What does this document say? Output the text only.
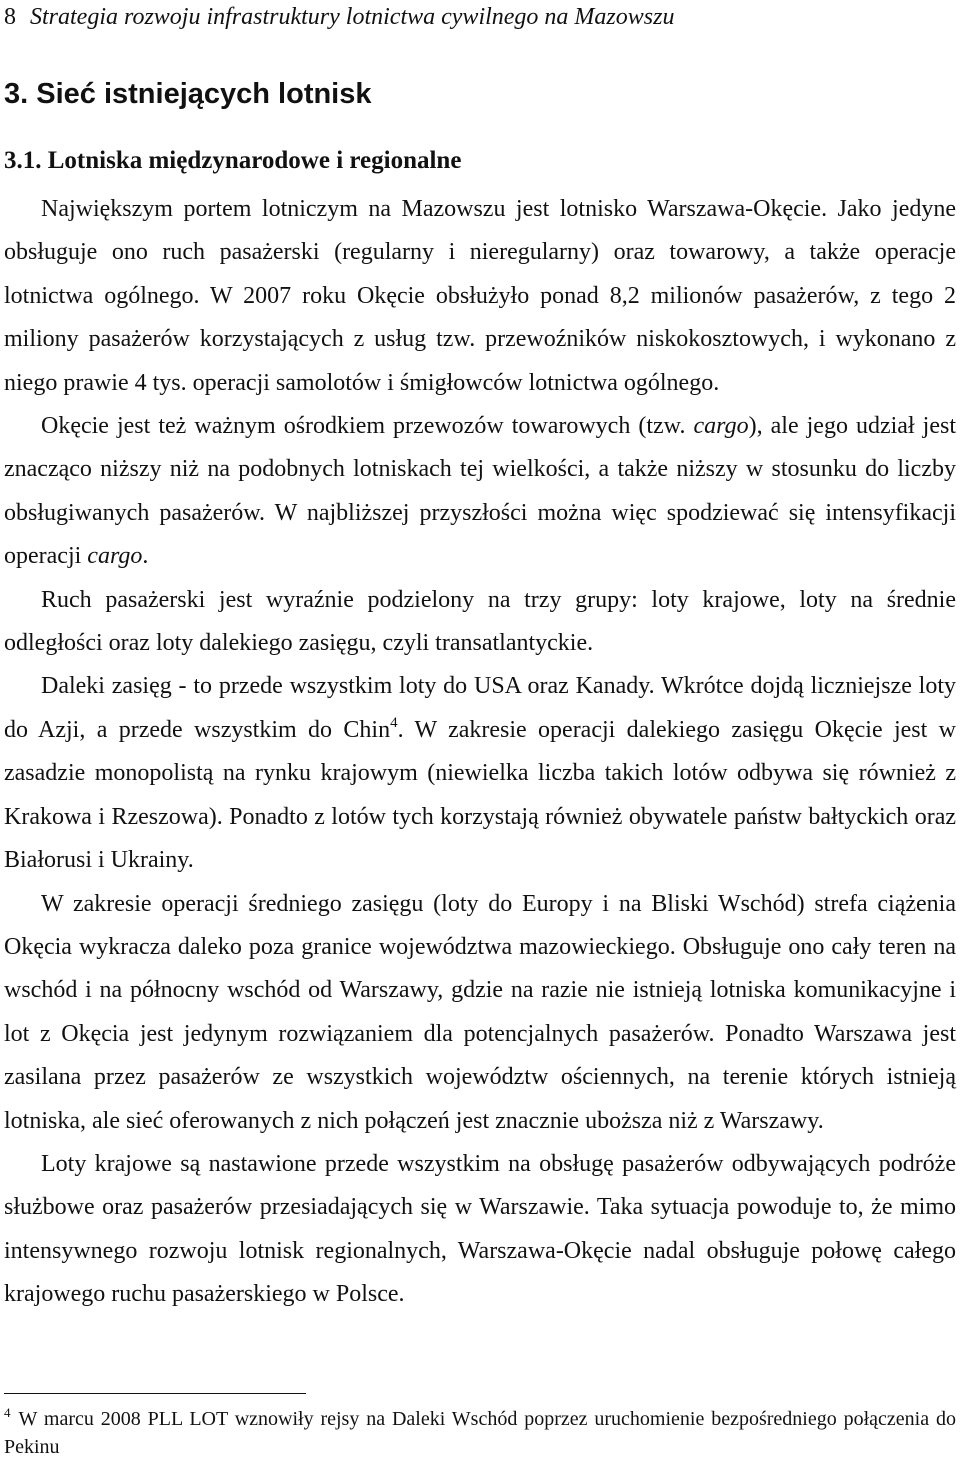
8 Strategia rozwoju infrastruktury lotnictwa cywilnego na Mazowszu
3. Sieć istniejących lotnisk
3.1. Lotniska międzynarodowe i regionalne

Największym portem lotniczym na Mazowszu jest lotnisko Warszawa-Okęcie. Jako jedyne obsługuje ono ruch pasażerski (regularny i nieregularny) oraz towarowy, a także operacje lotnictwa ogólnego. W 2007 roku Okęcie obsłużyło ponad 8,2 milionów pasażerów, z tego 2 miliony pasażerów korzystających z usług tzw. przewoźników niskokosztowych, i wykonano z niego prawie 4 tys. operacji samolotów i śmigłowców lotnictwa ogólnego.

Okęcie jest też ważnym ośrodkiem przewozów towarowych (tzw. cargo), ale jego udział jest znacząco niższy niż na podobnych lotniskach tej wielkości, a także niższy w stosunku do liczby obsługiwanych pasażerów. W najbliższej przyszłości można więc spodziewać się intensyfikacji operacji cargo.

Ruch pasażerski jest wyraźnie podzielony na trzy grupy: loty krajowe, loty na średnie odległości oraz loty dalekiego zasięgu, czyli transatlantyckie.

Daleki zasięg - to przede wszystkim loty do USA oraz Kanady. Wkrótce dojdą liczniejsze loty do Azji, a przede wszystkim do Chin$^4$. W zakresie operacji dalekiego zasięgu Okęcie jest w zasadzie monopolistą na rynku krajowym (niewielka liczba takich lotów odbywa się również z Krakowa i Rzeszowa). Ponadto z lotów tych korzystają również obywatele państw bałtyckich oraz Białorusi i Ukrainy.

W zakresie operacji średniego zasięgu (loty do Europy i na Bliski Wschód) strefa ciążenia Okęcia wykracza daleko poza granice województwa mazowieckiego. Obsługuje ono cały teren na wschód i na północny wschód od Warszawy, gdzie na razie nie istnieją lotniska komunikacyjne i lot z Okęcia jest jedynym rozwiązaniem dla potencjalnych pasażerów. Ponadto Warszawa jest zasilana przez pasażerów ze wszystkich województw ościennych, na terenie których istnieją lotniska, ale sieć oferowanych z nich połączeń jest znacznie uboższa niż z Warszawy.

Loty krajowe są nastawione przede wszystkim na obsługę pasażerów odbywających podróże służbowe oraz pasażerów przesiadających się w Warszawie. Taka sytuacja powoduje to, że mimo intensywnego rozwoju lotnisk regionalnych, Warszawa-Okęcie nadal obsługuje połowę całego krajowego ruchu pasażerskiego w Polsce.

$^4$ W marcu 2008 PLL LOT wznowiły rejsy na Daleki Wschód poprzez uruchomienie bezpośredniego połączenia do Pekinu
